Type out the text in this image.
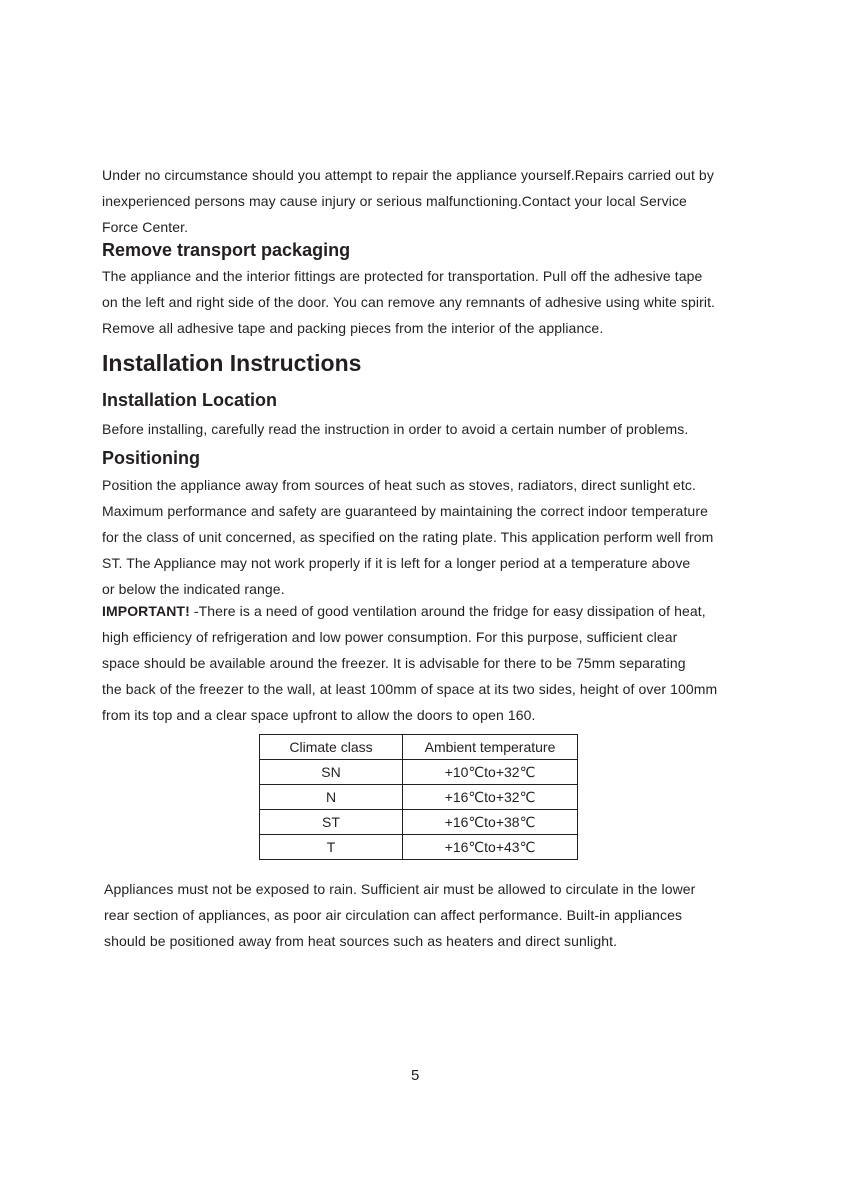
Under no circumstance should you attempt to repair the appliance yourself.Repairs carried out by
inexperienced persons may cause injury or serious malfunctioning.Contact your local Service
Force Center.
Remove transport packaging
The appliance and the interior fittings are protected for transportation. Pull off the adhesive tape
on the left and right side of the door. You can remove any remnants of adhesive using white spirit.
Remove all adhesive tape and packing pieces from the interior of the appliance.
Installation Instructions
Installation Location
Before installing, carefully read the instruction in order to avoid a certain number of problems.
Positioning
Position the appliance away from sources of heat such as stoves, radiators, direct sunlight etc.
Maximum performance and safety are guaranteed by maintaining the correct indoor temperature
for the class of unit concerned, as specified on the rating plate. This application perform well from
ST. The Appliance may not work properly if it is left for a longer period at a temperature above
or below the indicated range.
IMPORTANT! -There is a need of good ventilation around the fridge for easy dissipation of heat,
high efficiency of refrigeration and low power consumption. For this purpose, sufficient clear
space should be available around the freezer. It is advisable for there to be 75mm separating
the back of the freezer to the wall, at least 100mm of space at its two sides, height of over 100mm
from its top and a clear space upfront to allow the doors to open 160.
Climate class	Ambient temperature
SN	+10℃to+32℃
N	+16℃to+32℃
ST	+16℃to+38℃
T	+16℃to+43℃
Appliances must not be exposed to rain. Sufficient air must be allowed to circulate in the lower
rear section of appliances, as poor air circulation can affect performance. Built-in appliances
should be positioned away from heat sources such as heaters and direct sunlight.
5
